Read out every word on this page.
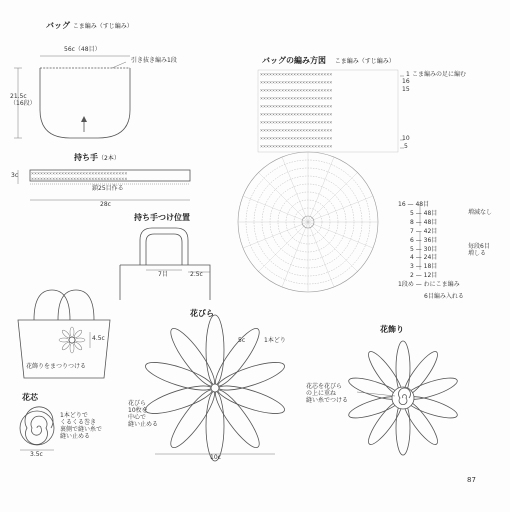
××××××××××××××××××××××××××××××××
××××××××××××××××××××××××××××××××
××××××××××××××××××××××××
××××××××××××××××××××××××
××××××××××××××××××××××××
××××××××××××××××××××××××
××××××××××××××××××××××××
××××××××××××××××××××××××
××××××××××××××××××××××××
××××××××××××××××××××××××
××××××××××××××××××××××××
××××××××××××××××××××××××
バッグ こま編み（すじ編み）
56c（48目）
引き抜き編み1段
21.5c
（16段）
持ち手（2本）
3c
鎖25目作る
28c
持ち手つけ位置
7目	2.5c
4.5c
花飾りをまつりつける
バッグの編み方図 こま編み（すじ編み）
1 こま編みの足に編む
16
15
10
5
16 — 48目
5 — 48目
8 — 48目
7 — 42目
6 — 36目
5 — 30目
4 — 24目
3 — 18目
2 — 12目
1段め — わにこま編み
6目編み入れる
増減なし
毎段6目
増しる
花びら
5c	1本どり
花びら
10枚を
中心で
縫い止める
10c
花飾り
花芯を花びら
の上に重ね
縫い糸でつける
花芯
1本どりで
くるくる巻き
裏側で縫い糸で
縫い止める
3.5c
87
